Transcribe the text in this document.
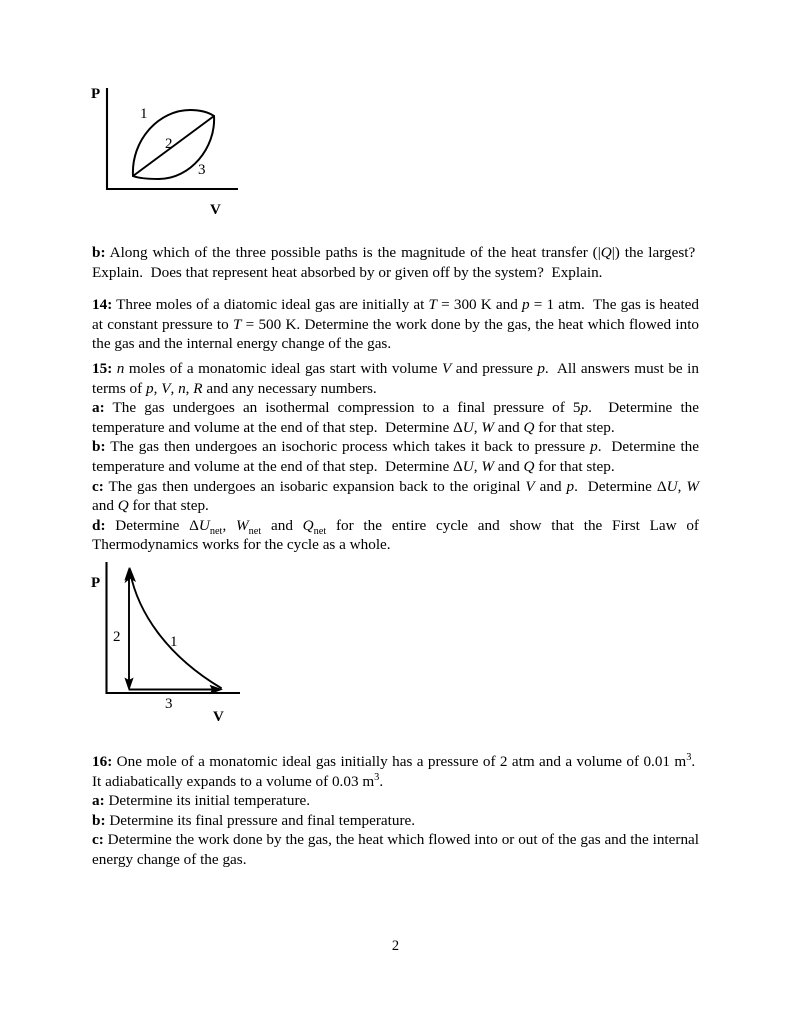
P
V
1
2
3

b: Along which of the three possible paths is the magnitude of the heat transfer (|Q|) the largest?  Explain.  Does that represent heat absorbed by or given off by the system?  Explain.

14: Three moles of a diatomic ideal gas are initially at T = 300 K and p = 1 atm.  The gas is heated at constant pressure to T = 500 K. Determine the work done by the gas, the heat which flowed into the gas and the internal energy change of the gas.

15: n moles of a monatomic ideal gas start with volume V and pressure p.  All answers must be in terms of p, V, n, R and any necessary numbers.

a: The gas undergoes an isothermal compression to a final pressure of 5p.  Determine the temperature and volume at the end of that step.  Determine ΔU, W and Q for that step.

b: The gas then undergoes an isochoric process which takes it back to pressure p.  Determine the temperature and volume at the end of that step.  Determine ΔU, W and Q for that step.

c: The gas then undergoes an isobaric expansion back to the original V and p.  Determine ΔU, W and Q for that step.

d: Determine $\Delta U_{net}$, $W_{net}$ and $Q_{net}$ for the entire cycle and show that the First Law of Thermodynamics works for the cycle as a whole.

P
V
1
2
3

16: One mole of a monatomic ideal gas initially has a pressure of 2 atm and a volume of 0.01 $m^3$.  It adiabatically expands to a volume of 0.03 $m^3$.

a: Determine its initial temperature.

b: Determine its final pressure and final temperature.

c: Determine the work done by the gas, the heat which flowed into or out of the gas and the internal energy change of the gas.

2
